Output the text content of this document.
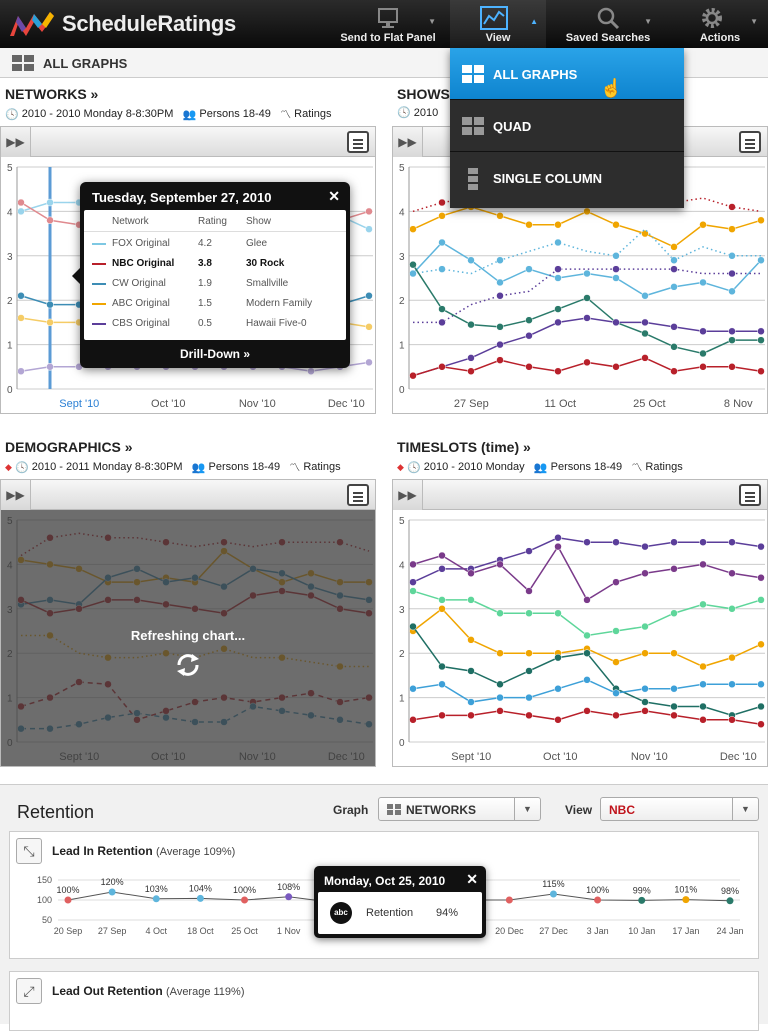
ScheduleRatings	▼
Send to Flat Panel
▲
View
▼
Saved Searches
▼
Actions
ALL GRAPHS
NETWORKS »
🕓 2010 - 2010 Monday 8-8:30PM 👥 Persons 18-49 〽 Ratings
▶▶
0
1
2
3
4
5
Sept '10	Oct '10	Nov '10	Dec '10
SHOWS
🕓 2010
▶▶
0
1
2
3
4
5
27 Sep	11 Oct	25 Oct	8 Nov
DEMOGRAPHICS »
◆ 🕓 2010 - 2011 Monday 8-8:30PM 👥 Persons 18-49 〽 Ratings
▶▶
Refreshing chart...
TIMESLOTS (time) »
◆ 🕓 2010 - 2010 Monday 👥 Persons 18-49 〽 Ratings
▶▶
0
1
2
3
4
5
Sept '10	Oct '10	Nov '10	Dec '10
Tuesday, September 27, 2010	✕
Network	Rating Show
FOX Original	4.2	Glee
NBC Original 3.8	30 Rock
CW Original	1.9	Smallville
ABC Original	1.5	Modern Family
CBS Original	0.5	Hawaii Five-0
Drill-Down »
ALL GRAPHS
☝
QUAD
SINGLE COLUMN
Retention	Graph	NETWORKS	▼	View NBC	▼
⤡	Lead In Retention (Average 109%)
50
100
150
100%
20 Sep
120%
27 Sep
103%
4 Oct
104%
18 Oct
100%
25 Oct
108%
1 Nov	20 Dec
115%
27 Dec
100%
3 Jan
99%
10 Jan
101%
17 Jan
98%
24 Jan
⤢	Lead Out Retention (Average 119%)
Monday, Oct 25, 2010 ✕
abc	Retention 94%
